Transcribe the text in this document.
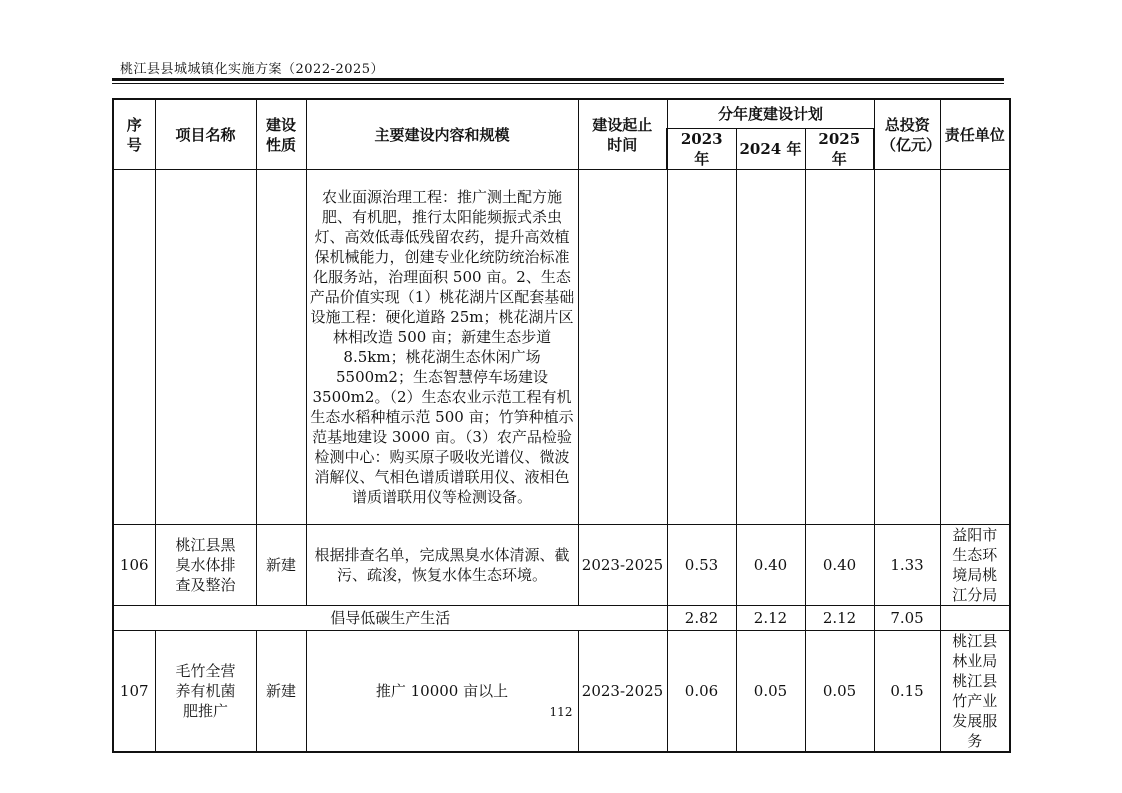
桃江县县城城镇化实施方案（2022-2025）
序号	项目名称	建设性质	主要建设内容和规模	建设起止时间	分年度建设计划			总投资（亿元）	责任单位
					2023 年	2024 年	2025 年		
			农业面源治理工程：推广测土配方施肥、有机肥，推行太阳能频振式杀虫灯、高效低毒低残留农药，提升高效植保机械能力，创建专业化统防统治标准化服务站，治理面积 500 亩。2、生态产品价值实现（1）桃花湖片区配套基础设施工程：硬化道路 25m；桃花湖片区林相改造 500 亩；新建生态步道 8.5km；桃花湖生态休闲广场 5500m2；生态智慧停车场建设 3500m2。（2）生态农业示范工程有机生态水稻种植示范 500 亩；竹笋种植示范基地建设 3000 亩。（3）农产品检验检测中心：购买原子吸收光谱仪、微波消解仪、气相色谱质谱联用仪、液相色谱质谱联用仪等检测设备。						
106	桃江县黑臭水体排查及整治	新建	根据排查名单，完成黑臭水体清源、截污、疏浚，恢复水体生态环境。	2023-2025	0.53	0.40	0.40	1.33	益阳市生态环境局桃江分局
倡导低碳生产生活					2.82	2.12	2.12	7.05	
107	毛竹全营养有机菌肥推广	新建	推广 10000 亩以上	2023-2025	0.06	0.05	0.05	0.15	桃江县林业局桃江县竹产业发展服务
112
